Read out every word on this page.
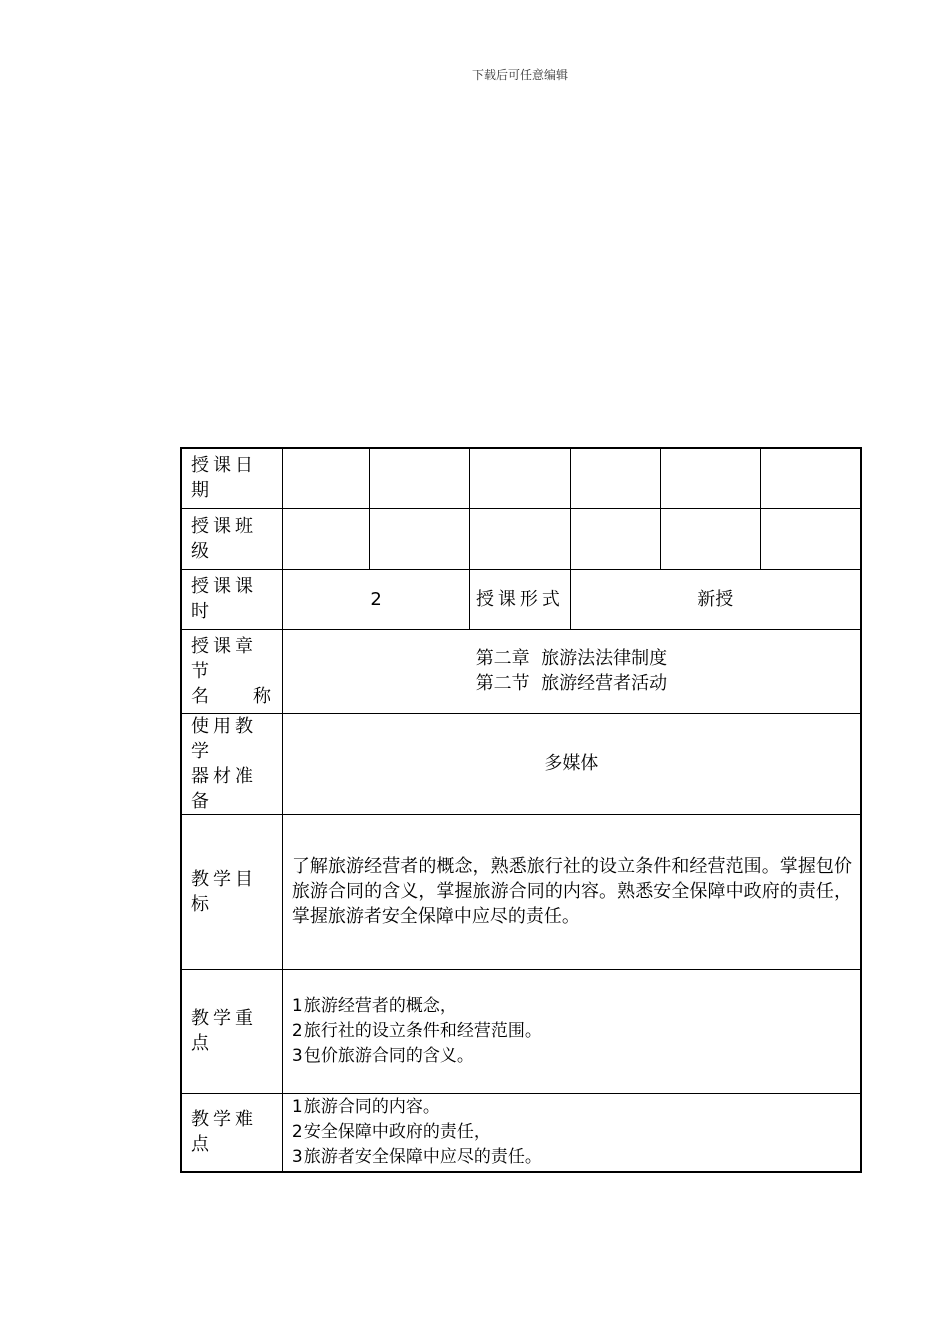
下载后可任意编辑
授课日期						
授课班级						
授课课时	2		授课形式	新授		

授课章节
名 称	第二章  旅游法法律制度
第二节  旅游经营者活动					

使用教学
器材准备	多媒体					
教学目标	了解旅游经营者的概念，熟悉旅行社的设立条件和经营范围。掌握包价旅游合同的含义，掌握旅游合同的内容。熟悉安全保障中政府的责任，掌握旅游者安全保障中应尽的责任。					

教学重点	1旅游经营者的概念，
2旅行社的设立条件和经营范围。
3包价旅游合同的含义。					

教学难点	1旅游合同的内容。
2安全保障中政府的责任，
3旅游者安全保障中应尽的责任。					
